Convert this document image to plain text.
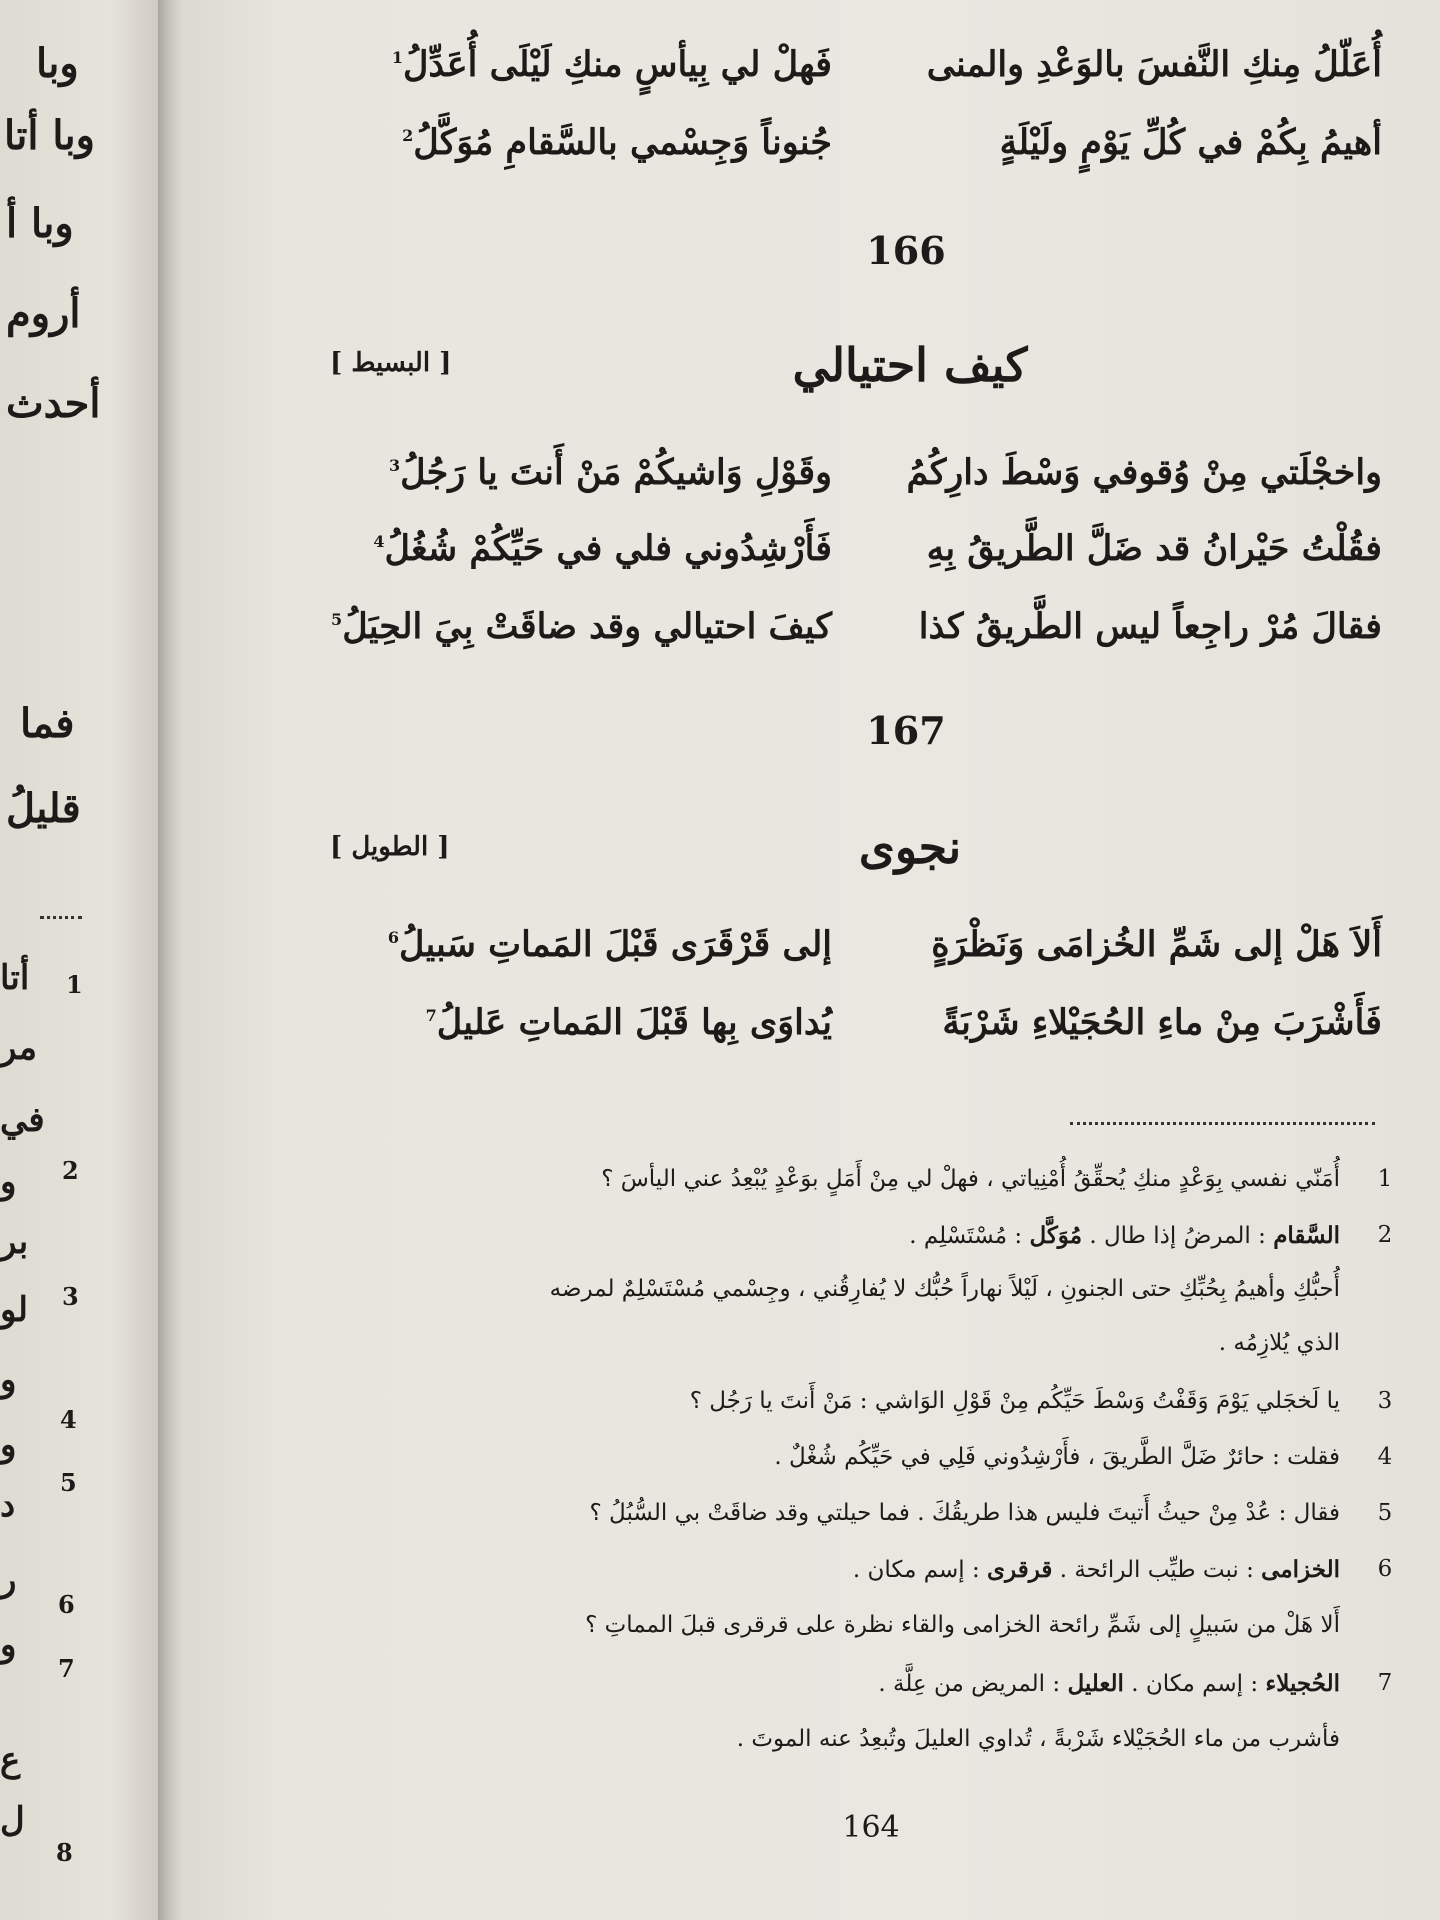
وبا
وبا أتا
وبا أ
أروم
أحدث
فما
قليلُ
أتا
مر
في
و
بر
لو
و
و
د
ر
و
ع
ل
1
2
3
4
5
6
7
8
أُعَلّلُ مِنكِ النَّفسَ بالوَعْدِ والمنى
فَهلْ لي بِيأسٍ منكِ لَيْلَى أُعَدِّلُ$^1$
أهيمُ بِكُمْ في كُلِّ يَوْمٍ ولَيْلَةٍ
جُنوناً وَجِسْمي بالسَّقامِ مُوَكَّلُ$^2$
166
كيف احتيالي
[ البسيط ]
واخجْلَتي مِنْ وُقوفي وَسْطَ دارِكُمُ
وقَوْلِ وَاشيكُمْ مَنْ أَنتَ يا رَجُلُ$^3$
فقُلْتُ حَيْرانُ قد ضَلَّ الطَّريقُ بِهِ
فَأَرْشِدُوني فلي في حَيِّكُمْ شُغُلُ$^4$
فقالَ مُرْ راجِعاً ليس الطَّريقُ كذا
كيفَ احتيالي وقد ضاقَتْ بِيَ الحِيَلُ$^5$
167
نجوى
[ الطويل ]
أَلاَ هَلْ إلى شَمِّ الخُزامَى وَنَظْرَةٍ
إلى قَرْقَرَى قَبْلَ المَماتِ سَبيلُ$^6$
فَأَشْرَبَ مِنْ ماءِ الحُجَيْلاءِ شَرْبَةً
يُداوَى بِها قَبْلَ المَماتِ عَليلُ$^7$
1
أُمَنّي نفسي بِوَعْدٍ منكِ يُحقِّقُ أُمْنِياتي ، فهلْ لي مِنْ أَمَلٍ بوَعْدٍ يُبْعِدُ عني اليأسَ ؟
2
السَّقام : المرضُ إذا طال . مُوَكَّل : مُسْتَسْلِم .
أُحبُّكِ وأهيمُ بِحُبِّكِ حتى الجنونِ ، لَيْلاً نهاراً حُبُّك لا يُفارِقُني ، وجِسْمي مُسْتَسْلِمٌ لمرضه
الذي يُلازِمُه .
3
يا لَخجَلي يَوْمَ وَقَفْتُ وَسْطَ حَيِّكُم مِنْ قَوْلِ الوَاشي : مَنْ أَنتَ يا رَجُل ؟
4
فقلت : حائرٌ ضَلَّ الطَّريقَ ، فأَرْشِدُوني فَلِي في حَيِّكُم شُغْلٌ .
5
فقال : عُدْ مِنْ حيثُ أَتيتَ فليس هذا طريقُكَ . فما حيلتي وقد ضاقَتْ بي السُّبُلُ ؟
6
الخزامى : نبت طيِّب الرائحة . قرقرى : إسم مكان .
أَلا هَلْ من سَبيلٍ إلى شَمِّ رائحة الخزامى والقاء نظرة على قرقرى قبلَ المماتِ ؟
7
الحُجيلاء : إسم مكان . العليل : المريض من عِلَّة .
فأشرب من ماء الحُجَيْلاء شَرْبةً ، تُداوي العليلَ وتُبعِدُ عنه الموتَ .
164
